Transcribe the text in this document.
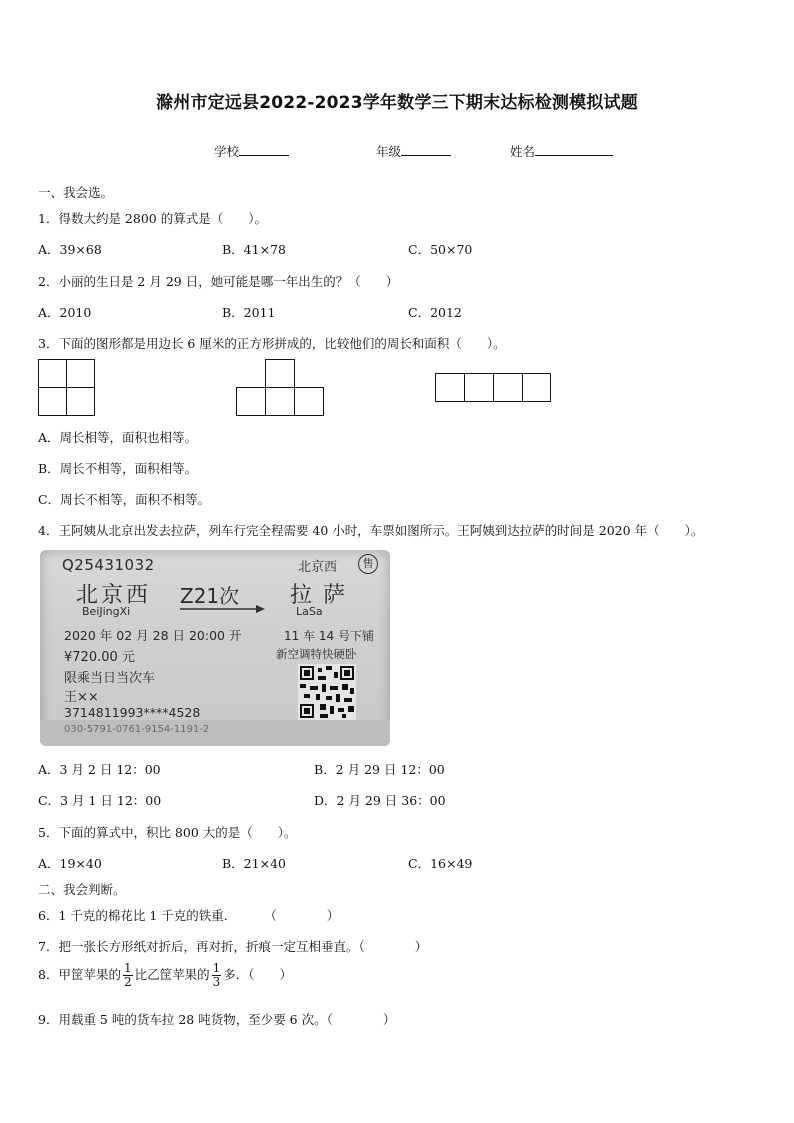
滁州市定远县2022-2023学年数学三下期末达标检测模拟试题
学校	年级	姓名
一、我会选。
1．得数大约是 2800 的算式是（　　）。
A．39×68	B．41×78	C．50×70
2．小丽的生日是 2 月 29 日，她可能是哪一年出生的？（　　）
A．2010	B．2011	C．2012
3．下面的图形都是用边长 6 厘米的正方形拼成的，比较他们的周长和面积（　　）。
A．周长相等，面积也相等。
B．周长不相等，面积相等。
C．周长不相等，面积不相等。
4．王阿姨从北京出发去拉萨，列车行完全程需要 40 小时，车票如图所示。王阿姨到达拉萨的时间是 2020 年（　　）。
Q25431032	北京西	售
北京西
BeiJingXi
Z21次 拉 萨
LaSa
2020 年 02 月 28 日 20:00 开	11 车 14 号下铺
¥720.00 元	新空调特快硬卧
限乘当日当次车
王××
3714811993****4528
030-5791-0761-9154-1191-2
A．3 月 2 日 12：00	B．2 月 29 日 12：00
C．3 月 1 日 12：00	D．2 月 29 日 36：00
5．下面的算式中，积比 800 大的是（　　）。
A．19×40	B．21×40	C．16×49
二、我会判断。
6．1 千克的棉花比 1 千克的铁重． （　　　　）
7．把一张长方形纸对折后，再对折，折痕一定互相垂直。（　　　　）
8．甲筐苹果的 $\frac{1}{2}$ 比乙筐苹果的 $\frac{1}{3}$ 多．（　　）
9．用载重 5 吨的货车拉 28 吨货物，至少要 6 次。（　　　　）
